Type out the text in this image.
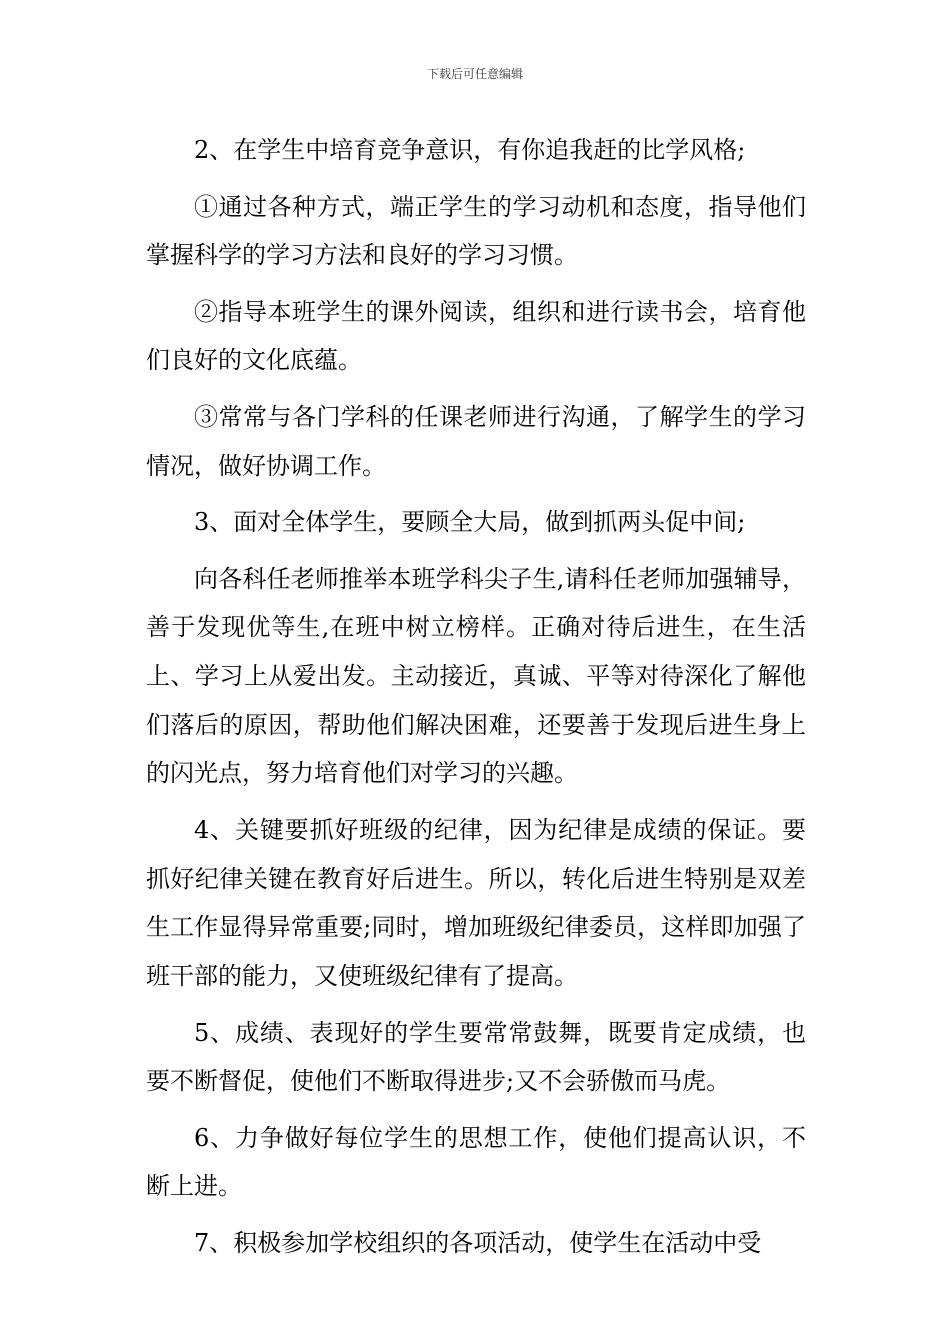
下载后可任意编辑

2、在学生中培育竞争意识，有你追我赶的比学风格;

①通过各种方式，端正学生的学习动机和态度，指导他们掌握科学的学习方法和良好的学习习惯。

②指导本班学生的课外阅读，组织和进行读书会，培育他们良好的文化底蕴。

③常常与各门学科的任课老师进行沟通，了解学生的学习情况，做好协调工作。

3、面对全体学生，要顾全大局，做到抓两头促中间;

向各科任老师推举本班学科尖子生,请科任老师加强辅导，善于发现优等生,在班中树立榜样。正确对待后进生，在生活上、学习上从爱出发。主动接近，真诚、平等对待深化了解他们落后的原因，帮助他们解决困难，还要善于发现后进生身上的闪光点，努力培育他们对学习的兴趣。

4、关键要抓好班级的纪律，因为纪律是成绩的保证。要抓好纪律关键在教育好后进生。所以，转化后进生特别是双差生工作显得异常重要;同时，增加班级纪律委员，这样即加强了班干部的能力，又使班级纪律有了提高。

5、成绩、表现好的学生要常常鼓舞，既要肯定成绩，也要不断督促，使他们不断取得进步;又不会骄傲而马虎。

6、力争做好每位学生的思想工作，使他们提高认识，不断上进。

7、积极参加学校组织的各项活动，使学生在活动中受
